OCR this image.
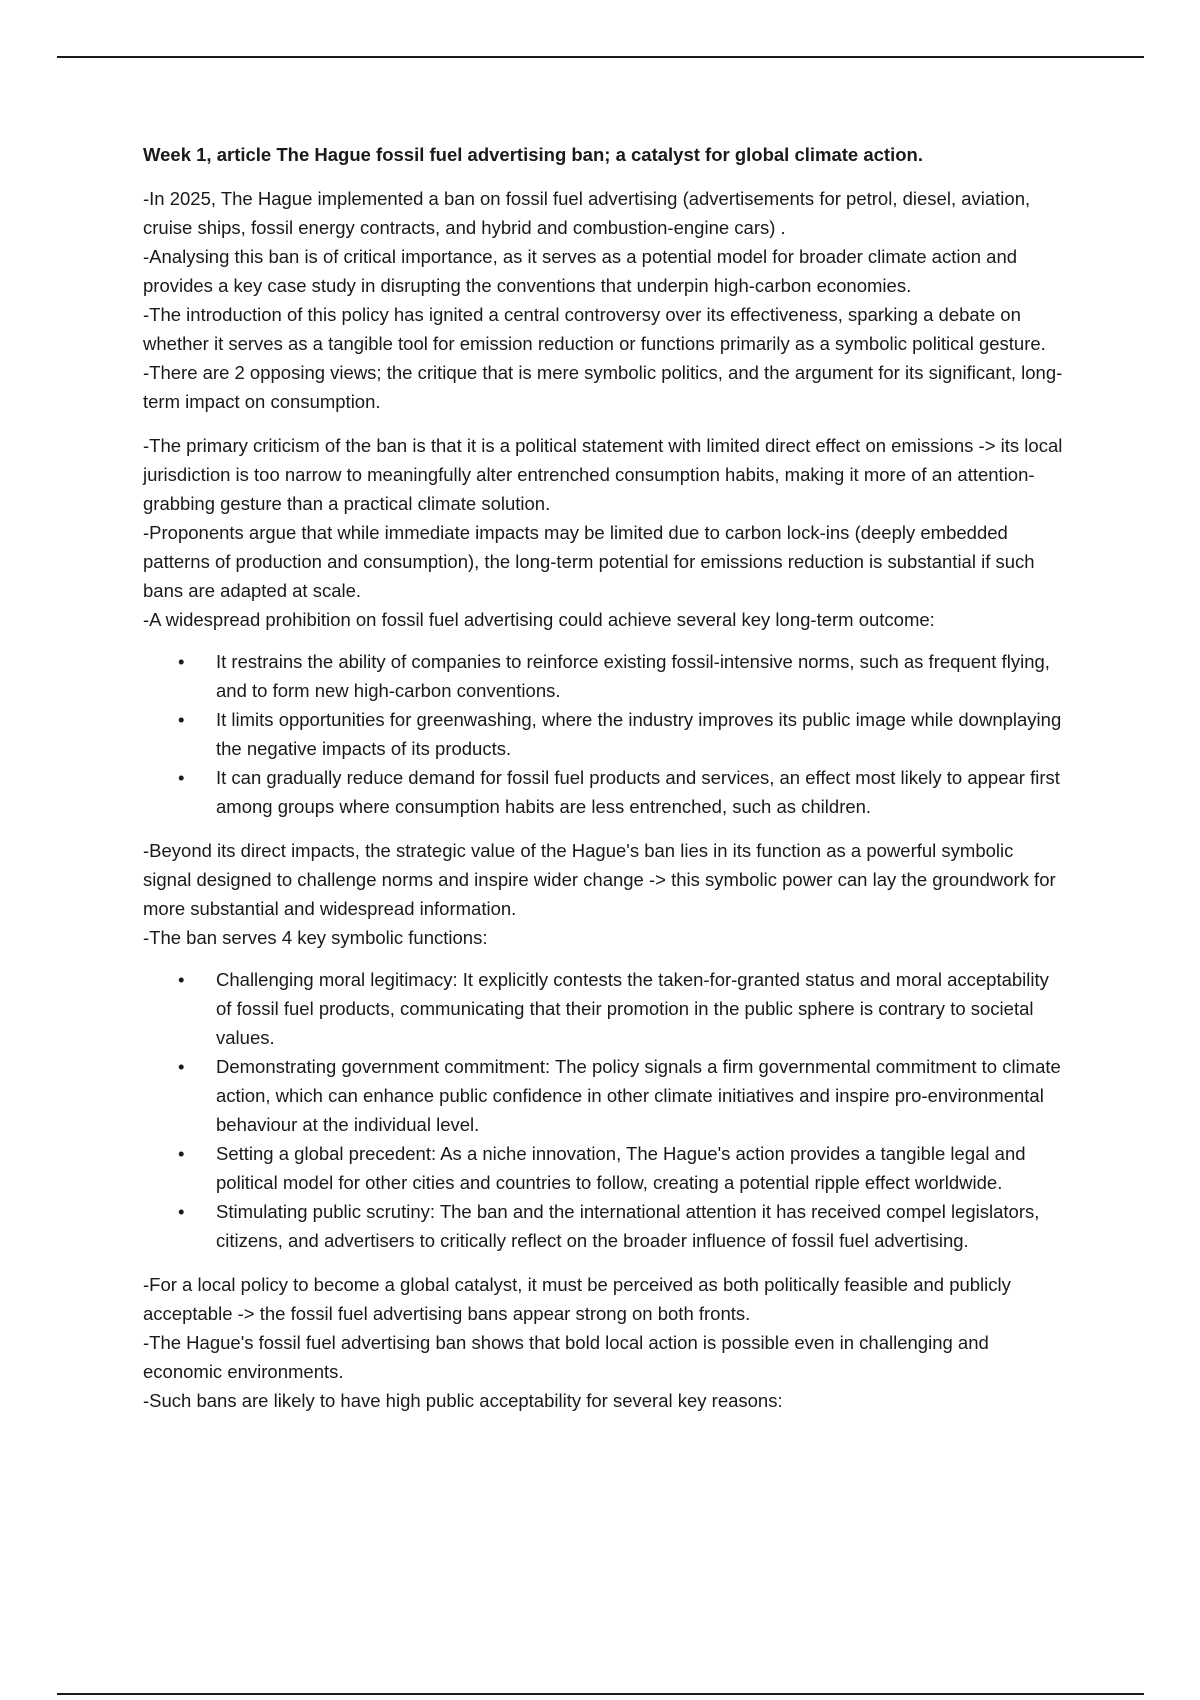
Week 1, article The Hague fossil fuel advertising ban; a catalyst for global climate action.

-In 2025, The Hague implemented a ban on fossil fuel advertising (advertisements for petrol, diesel, aviation, cruise ships, fossil energy contracts, and hybrid and combustion-engine cars) .
-Analysing this ban is of critical importance, as it serves as a potential model for broader climate action and provides a key case study in disrupting the conventions that underpin high-carbon economies.
-The introduction of this policy has ignited a central controversy over its effectiveness, sparking a debate on whether it serves as a tangible tool for emission reduction or functions primarily as a symbolic political gesture.
-There are 2 opposing views; the critique that is mere symbolic politics, and the argument for its significant, long-term impact on consumption.
-The primary criticism of the ban is that it is a political statement with limited direct effect on emissions -> its local jurisdiction is too narrow to meaningfully alter entrenched consumption habits, making it more of an attention-grabbing gesture than a practical climate solution.
-Proponents argue that while immediate impacts may be limited due to carbon lock-ins (deeply embedded patterns of production and consumption), the long-term potential for emissions reduction is substantial if such bans are adapted at scale.
-A widespread prohibition on fossil fuel advertising could achieve several key long-term outcome:
• It restrains the ability of companies to reinforce existing fossil-intensive norms, such as frequent flying, and to form new high-carbon conventions.
• It limits opportunities for greenwashing, where the industry improves its public image while downplaying the negative impacts of its products.
• It can gradually reduce demand for fossil fuel products and services, an effect most likely to appear first among groups where consumption habits are less entrenched, such as children.
-Beyond its direct impacts, the strategic value of the Hague's ban lies in its function as a powerful symbolic signal designed to challenge norms and inspire wider change -> this symbolic power can lay the groundwork for more substantial and widespread information.
-The ban serves 4 key symbolic functions:
• Challenging moral legitimacy: It explicitly contests the taken-for-granted status and moral acceptability of fossil fuel products, communicating that their promotion in the public sphere is contrary to societal values.
• Demonstrating government commitment: The policy signals a firm governmental commitment to climate action, which can enhance public confidence in other climate initiatives and inspire pro-environmental behaviour at the individual level.
• Setting a global precedent: As a niche innovation, The Hague's action provides a tangible legal and political model for other cities and countries to follow, creating a potential ripple effect worldwide.
• Stimulating public scrutiny: The ban and the international attention it has received compel legislators, citizens, and advertisers to critically reflect on the broader influence of fossil fuel advertising.
-For a local policy to become a global catalyst, it must be perceived as both politically feasible and publicly acceptable -> the fossil fuel advertising bans appear strong on both fronts.
-The Hague's fossil fuel advertising ban shows that bold local action is possible even in challenging and economic environments.
-Such bans are likely to have high public acceptability for several key reasons:
